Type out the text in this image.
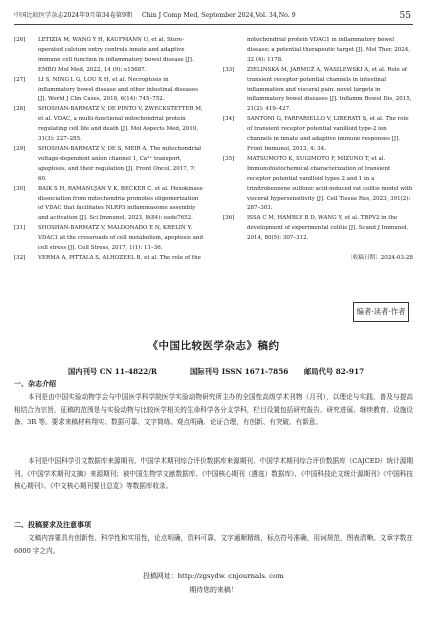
中国比较医学杂志2024年9月第34卷第9期 Chin J Comp Med, September 2024,Vol. 34,No. 9	55
[26] LETIZIA M, WANG Y H, KAUFMANN U, et al. Store-operated calcium entry controls innate and adaptive immune cell function in inflammatory bowel disease [J]. EMBO Mol Med, 2022, 14 (9): e15687.
[27] LI S, NING L G, LOU X H, et al. Necroptosis in inflammatory bowel disease and other intestinal diseases [J]. World J Clin Cases, 2018, 6(14): 745–752.
[28] SHOSHAN-BARMATZ V, DE PINTO V, ZWECKSTETTER M, et al. VDAC, a multi-functional mitochondrial protein regulating cell life and death [J]. Mol Aspects Med, 2010, 31(3): 227–285.
[29] SHOSHAN-BARMATZ V, DE S, MEIR A. The mitochondrial voltage-dependent anion channel 1, Ca²⁺ transport, apoptosis, and their regulation [J]. Front Oncol, 2017, 7: 60.
[30] BAIK S H, RAMANUJAN V K, BECKER C, et al. Hexokinase dissociation from mitochondria promotes oligomerization of VDAC that facilitates NLRP3 inflammasome assembly and activation [J]. Sci Immunol, 2023, 8(84): eade7652.
[31] SHOSHAN-BARMATZ V, MALDONADO E N, KRELIN Y. VDAC1 at the crossroads of cell metabolism, apoptosis and cell stress [J]. Cell Stress, 2017, 1(1): 11–36.
[32] VERMA A, PITTALA S, ALHOZEEL B, et al. The role of the
mitochondrial protein VDAC1 in inflammatory bowel disease: a potential therapeutic target [J]. Mol Ther, 2024, 32 (4): 1178.
[33] ZIELINSKA M, JARMUŻ A, WASILEWSKI A, et al. Role of transient receptor potential channels in intestinal inflammation and visceral pain: novel targets in inflammatory bowel diseases [J]. Inflamm Bowel Dis, 2015, 21(2): 419–427.
[34] SANTONI G, FARFARIELLO V, LIBERATI S, et al. The role of transient receptor potential vanilloid type-2 ion channels in innate and adaptive immune responses [J]. Front Immunol, 2013, 4: 34.
[35] MATSUMOTO K, SUGIMOTO F, MIZUNO T, et al. Immunohistochemical characterization of transient receptor potential vanilloid types 2 and 1 in a trinitrobenzene sulfonic acid-induced rat colitis model with visceral hypersensitivity [J]. Cell Tissue Res, 2023, 391(2): 287–303.
[36] ISSA C M, HAMBLY B D, WANG Y, et al. TRPV2 in the development of experimental colitis [J]. Scand J Immunol, 2014, 80(5): 307–312.
〔收稿日期〕2024-03-28
编者·读者·作者
《中国比较医学杂志》稿约
国内刊号 CN 11-4822/R	国际刊号 ISSN 1671-7856 邮局代号 82-917
一、杂志介绍
本刊是由中国实验动物学会与中国医学科学院医学实验动物研究所主办的全国性高级学术刊物（月刊），以理论与实践、普及与提高相结合为宗旨，征稿的范围是与实验动物与比较医学相关的生命科学各分支学科，栏目设置包括研究报告、研究进展、继续教育、设施设备、3R 等。要求来稿材料翔实、数据可靠、文字简练、观点明确、论证合理，有创新、有突破、有新意。
本刊是中国科学引文数据库来源期刊、中国学术期刊综合评价数据库来源期刊、中国学术期刊综合评价数据库（CAJCED）统计源期刊、《中国学术期刊文摘》来源期刊；被中国生物学文献数据库、《中国核心期刊（遴选）数据库》、《中国科技论文统计源期刊》《中国科技核心期刊》、《中文核心期刊要目总览》等数据库收录。
二、投稿要求及注意事项
文稿内容要具有创新性、科学性和实用性，论点明确，资料可靠，文字通顺精练，标点符号准确，用词规范，图表清晰。文章字数在 6000 字之内。
投稿网址：http://zgsydw. cnjournals. com
期待您的来稿！
